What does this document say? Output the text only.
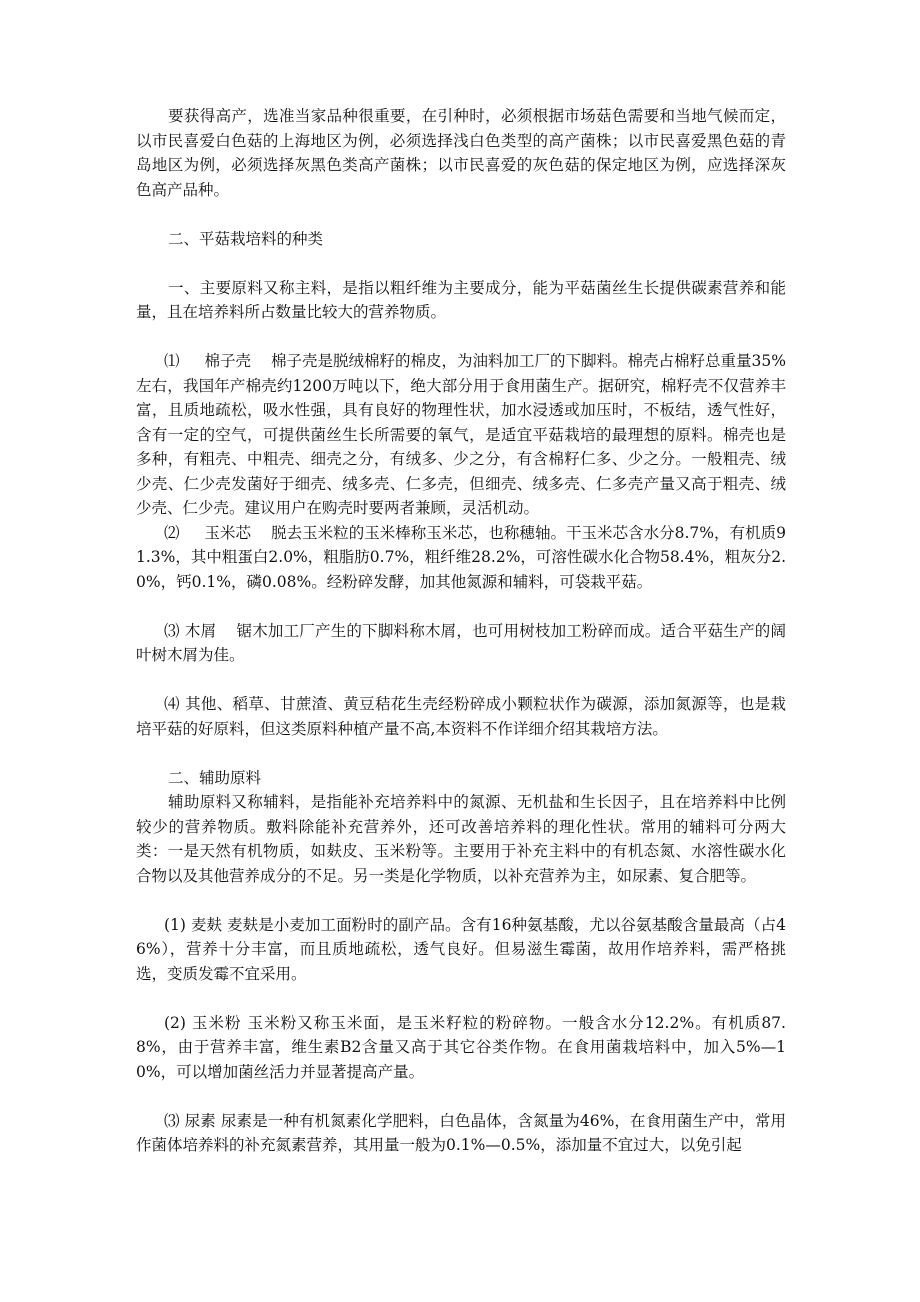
要获得高产，选准当家品种很重要，在引种时，必须根据市场菇色需要和当地气候而定，以市民喜爱白色菇的上海地区为例，必须选择浅白色类型的高产菌株；以市民喜爱黑色菇的青岛地区为例，必须选择灰黑色类高产菌株；以市民喜爱的灰色菇的保定地区为例，应选择深灰色高产品种。

二、平菇栽培料的种类

一、主要原料又称主料，是指以粗纤维为主要成分，能为平菇菌丝生长提供碳素营养和能量，且在培养料所占数量比较大的营养物质。

⑴ 棉子壳 棉子壳是脱绒棉籽的棉皮，为油料加工厂的下脚料。棉壳占棉籽总重量35%左右，我国年产棉壳约1200万吨以下，绝大部分用于食用菌生产。据研究，棉籽壳不仅营养丰富，且质地疏松，吸水性强，具有良好的物理性状，加水浸透或加压时，不板结，透气性好，含有一定的空气，可提供菌丝生长所需要的氧气，是适宜平菇栽培的最理想的原料。棉壳也是多种，有粗壳、中粗壳、细壳之分，有绒多、少之分，有含棉籽仁多、少之分。一般粗壳、绒少壳、仁少壳发菌好于细壳、绒多壳、仁多壳，但细壳、绒多壳、仁多壳产量又高于粗壳、绒少壳、仁少壳。建议用户在购壳时要两者兼顾，灵活机动。

⑵ 玉米芯 脱去玉米粒的玉米棒称玉米芯，也称穗轴。干玉米芯含水分8.7%，有机质91.3%，其中粗蛋白2.0%，粗脂肪0.7%，粗纤维28.2%，可溶性碳水化合物58.4%，粗灰分2.0%，钙0.1%，磷0.08%。经粉碎发酵，加其他氮源和辅料，可袋栽平菇。

⑶ 木屑 锯木加工厂产生的下脚料称木屑，也可用树枝加工粉碎而成。适合平菇生产的阔叶树木屑为佳。

⑷ 其他、稻草、甘蔗渣、黄豆秸花生壳经粉碎成小颗粒状作为碳源，添加氮源等，也是栽培平菇的好原料，但这类原料种植产量不高,本资料不作详细介绍其栽培方法。

二、辅助原料

辅助原料又称辅料，是指能补充培养料中的氮源、无机盐和生长因子，且在培养料中比例较少的营养物质。敷料除能补充营养外，还可改善培养料的理化性状。常用的辅料可分两大类：一是天然有机物质，如麸皮、玉米粉等。主要用于补充主料中的有机态氮、水溶性碳水化合物以及其他营养成分的不足。另一类是化学物质，以补充营养为主，如尿素、复合肥等。

(1) 麦麸 麦麸是小麦加工面粉时的副产品。含有16种氨基酸，尤以谷氨基酸含量最高（占46%），营养十分丰富，而且质地疏松，透气良好。但易滋生霉菌，故用作培养料，需严格挑选，变质发霉不宜采用。

(2) 玉米粉 玉米粉又称玉米面，是玉米籽粒的粉碎物。一般含水分12.2%。有机质87.8%，由于营养丰富，维生素B2含量又高于其它谷类作物。在食用菌栽培料中，加入5%—10%，可以增加菌丝活力并显著提高产量。

⑶ 尿素 尿素是一种有机氮素化学肥料，白色晶体，含氮量为46%，在食用菌生产中，常用作菌体培养料的补充氮素营养，其用量一般为0.1%—0.5%，添加量不宜过大，以免引起
